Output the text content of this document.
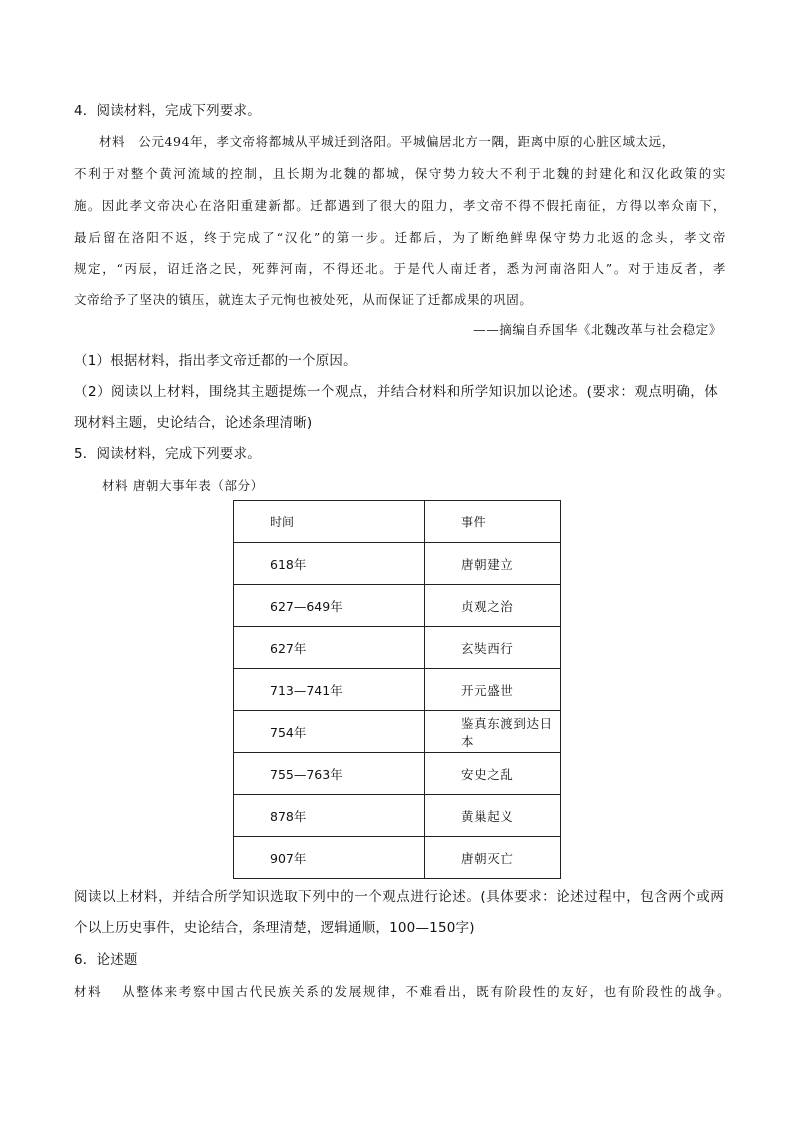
4．阅读材料，完成下列要求。
材料　公元494年，孝文帝将都城从平城迁到洛阳。平城偏居北方一隅，距离中原的心脏区域太远，
不利于对整个黄河流域的控制，且长期为北魏的都城，保守势力较大不利于北魏的封建化和汉化政策的实
施。因此孝文帝决心在洛阳重建新都。迁都遇到了很大的阻力，孝文帝不得不假托南征，方得以率众南下，
最后留在洛阳不返，终于完成了“汉化”的第一步。迁都后，为了断绝鲜卑保守势力北返的念头，孝文帝
规定，“丙辰，诏迁洛之民，死葬河南，不得还北。于是代人南迁者，悉为河南洛阳人”。对于违反者，孝
文帝给予了坚决的镇压，就连太子元恂也被处死，从而保证了迁都成果的巩固。
——摘编自乔国华《北魏改革与社会稳定》
（1）根据材料，指出孝文帝迁都的一个原因。
（2）阅读以上材料，围绕其主题提炼一个观点，并结合材料和所学知识加以论述。(要求：观点明确，体
现材料主题，史论结合，论述条理清晰)
5．阅读材料，完成下列要求。
材料 唐朝大事年表（部分）
时间	事件
618年	唐朝建立
627—649年	贞观之治
627年	玄奘西行
713—741年	开元盛世
754年	鉴真东渡到达日本
755—763年	安史之乱
878年	黄巢起义
907年	唐朝灭亡
阅读以上材料，并结合所学知识选取下列中的一个观点进行论述。(具体要求：论述过程中，包含两个或两
个以上历史事件，史论结合，条理清楚，逻辑通顺，100—150字)
6．论述题
材料　 从整体来考察中国古代民族关系的发展规律，不难看出，既有阶段性的友好，也有阶段性的战争。
